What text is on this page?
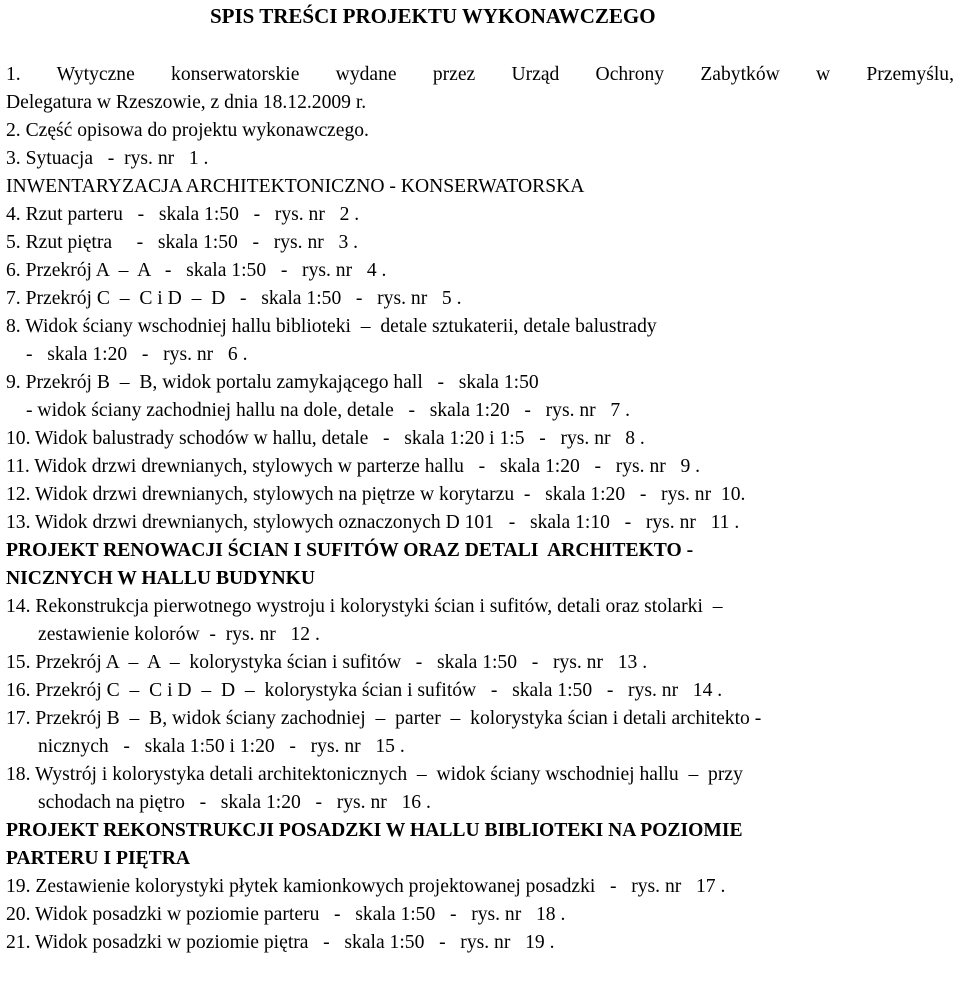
SPIS TREŚCI PROJEKTU WYKONAWCZEGO
1. Wytyczne konserwatorskie wydane przez Urząd Ochrony Zabytków w Przemyślu,
Delegatura w Rzeszowie, z dnia 18.12.2009 r.
2. Część opisowa do projektu wykonawczego.
3. Sytuacja   -  rys. nr   1 .
INWENTARYZACJA ARCHITEKTONICZNO - KONSERWATORSKA
4. Rzut parteru   -   skala 1:50   -   rys. nr   2 .
5. Rzut piętra     -   skala 1:50   -   rys. nr   3 .
6. Przekrój A  –  A   -   skala 1:50   -   rys. nr   4 .
7. Przekrój C  –  C i D  –  D   -   skala 1:50   -   rys. nr   5 .
8. Widok ściany wschodniej hallu biblioteki  –  detale sztukaterii, detale balustrady
-   skala 1:20   -   rys. nr   6 .
9. Przekrój B  –  B, widok portalu zamykającego hall   -   skala 1:50
- widok ściany zachodniej hallu na dole, detale   -   skala 1:20   -   rys. nr   7 .
10. Widok balustrady schodów w hallu, detale   -   skala 1:20 i 1:5   -   rys. nr   8 .
11. Widok drzwi drewnianych, stylowych w parterze hallu   -   skala 1:20   -   rys. nr   9 .
12. Widok drzwi drewnianych, stylowych na piętrze w korytarzu  -   skala 1:20   -   rys. nr  10.
13. Widok drzwi drewnianych, stylowych oznaczonych D 101   -   skala 1:10   -   rys. nr   11 .
PROJEKT RENOWACJI ŚCIAN I SUFITÓW ORAZ DETALI  ARCHITEKTO -
NICZNYCH W HALLU BUDYNKU
14. Rekonstrukcja pierwotnego wystroju i kolorystyki ścian i sufitów, detali oraz stolarki  –
zestawienie kolorów  -  rys. nr   12 .
15. Przekrój A  –  A  –  kolorystyka ścian i sufitów   -   skala 1:50   -   rys. nr   13 .
16. Przekrój C  –  C i D  –  D  –  kolorystyka ścian i sufitów   -   skala 1:50   -   rys. nr   14 .
17. Przekrój B  –  B, widok ściany zachodniej  –  parter  –  kolorystyka ścian i detali architekto -
nicznych   -   skala 1:50 i 1:20   -   rys. nr   15 .
18. Wystrój i kolorystyka detali architektonicznych  –  widok ściany wschodniej hallu  –  przy
schodach na piętro   -   skala 1:20   -   rys. nr   16 .
PROJEKT REKONSTRUKCJI POSADZKI W HALLU BIBLIOTEKI NA POZIOMIE
PARTERU I PIĘTRA
19. Zestawienie kolorystyki płytek kamionkowych projektowanej posadzki   -   rys. nr   17 .
20. Widok posadzki w poziomie parteru   -   skala 1:50   -   rys. nr   18 .
21. Widok posadzki w poziomie piętra   -   skala 1:50   -   rys. nr   19 .
